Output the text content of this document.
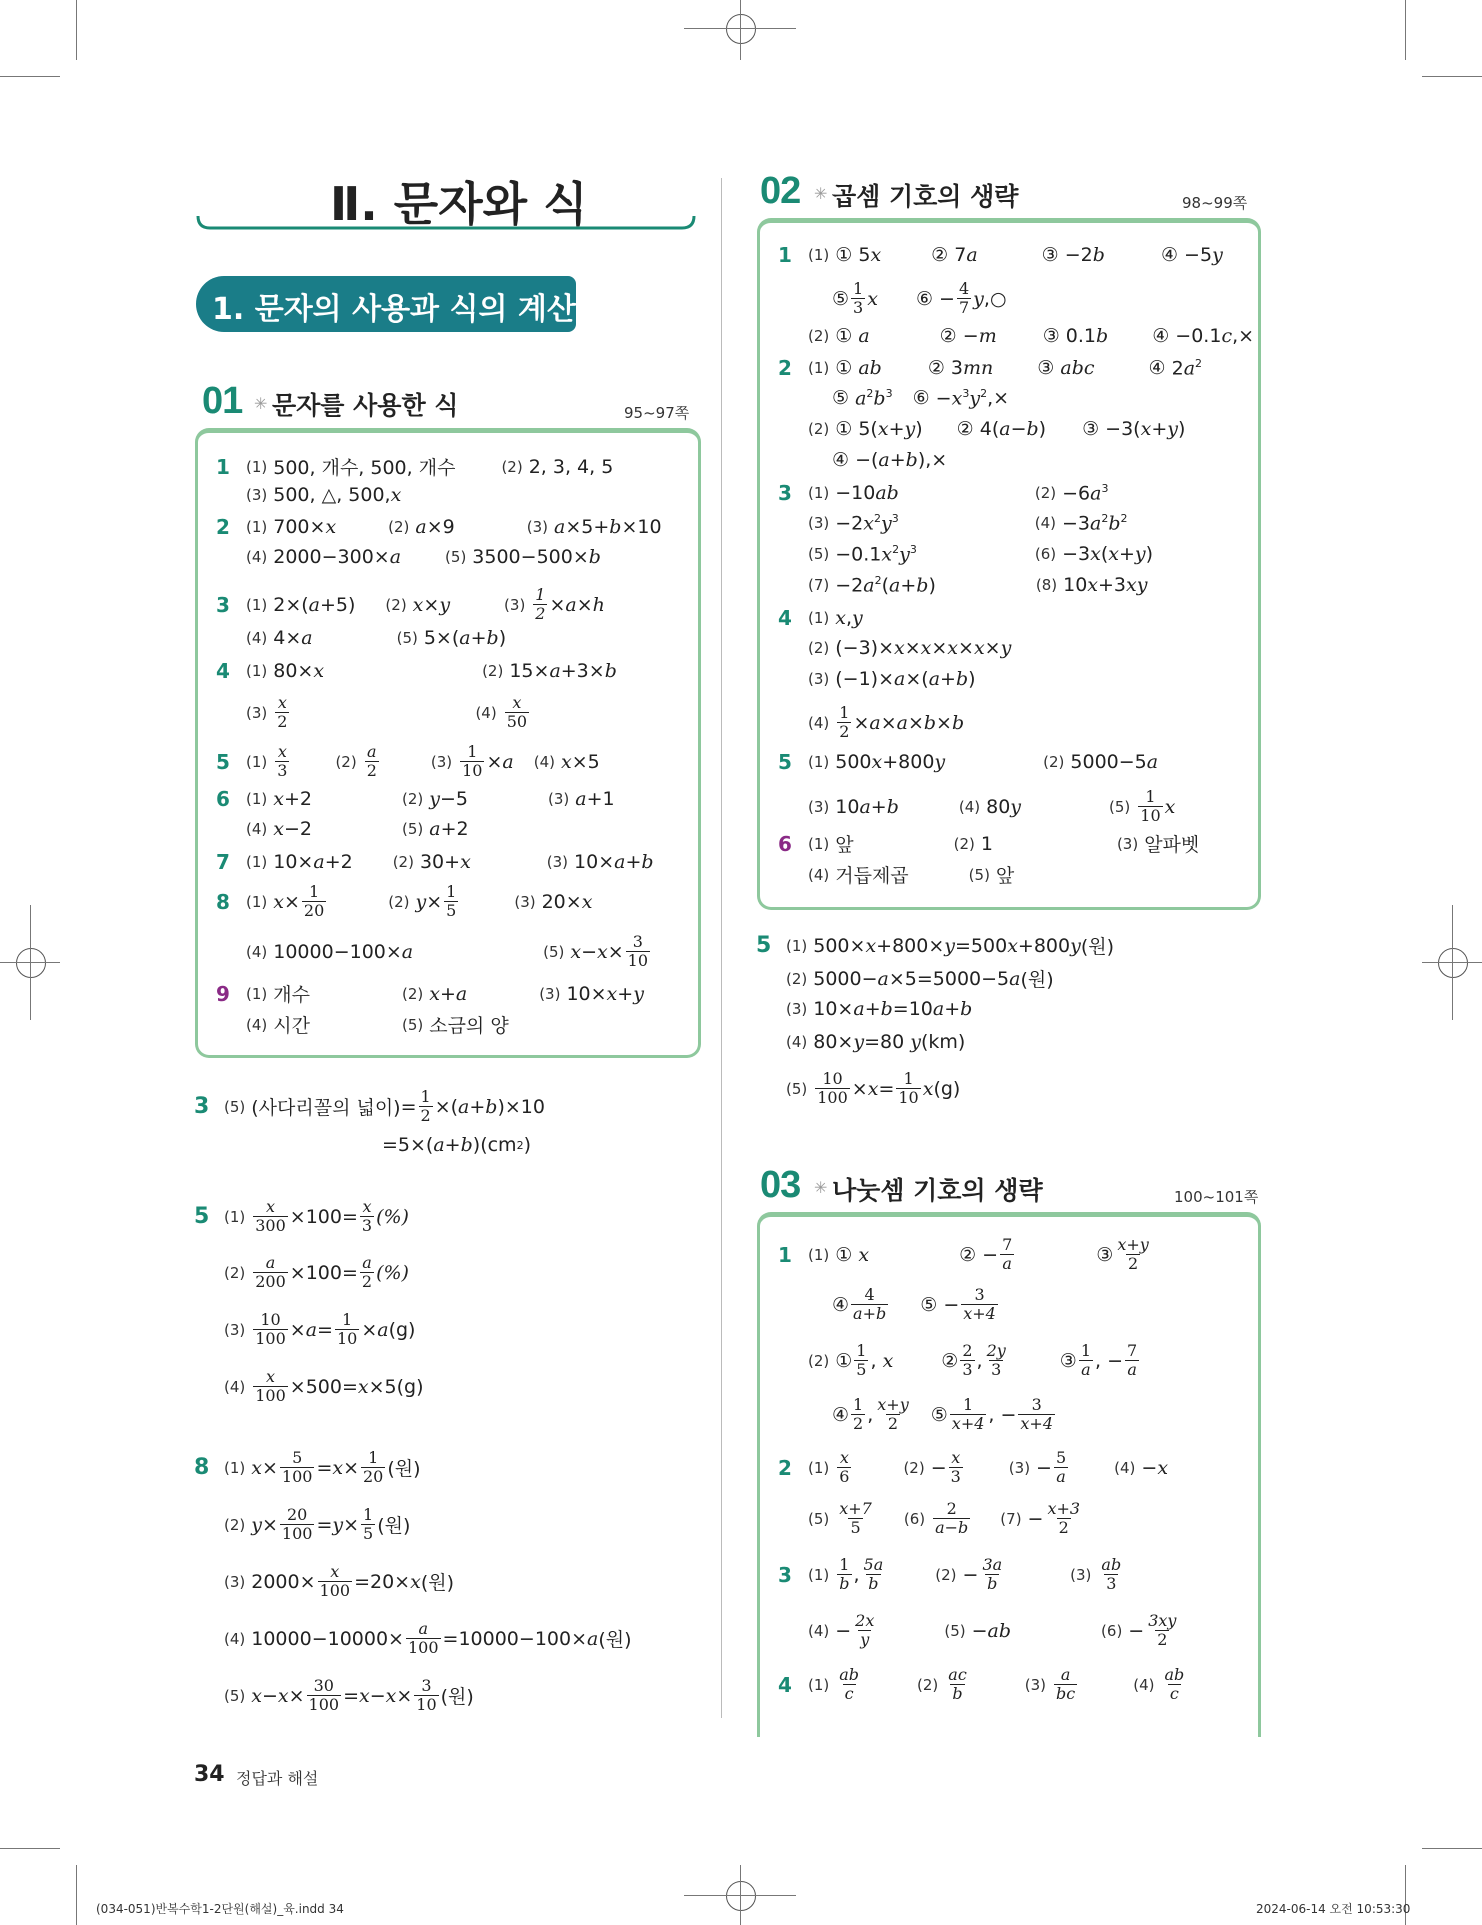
Ⅱ. 문자와 식
1. 문자의 사용과 식의 계산
01 ✳ 문자를 사용한 식	95~97쪽
1	(1) 500, 개수, 500, 개수	(2) 2, 3, 4, 5
(3) 500, △, 500, x
2	(1) 700×x	(2) a×9	(3) a×5+b×10
(4) 2000−300×a	(5) 3500−500×b
3	(1) 2×(a+5) (2) x×y	$(3) \frac{1}{2} \times a\times h$
(4) 4×a	(5) 5×(a+b)
4	(1) 80×x	(2) 15×a+3×b
$(3) \frac{x}{2}$	$(4) \frac{x}{50}$
5	$(1) \frac{x}{3}$	$(2) \frac{a}{2}$	$(3) \frac{1}{10} \times a$ (4) x×5
6	(1) x+2	(2) y−5	(3) a+1
(4) x−2	(5) a+2
7	(1) 10×a+2	(2) 30+x	(3) 10×a+b
8	(1) $x \times \frac{1}{20}$	(2) $y \times \frac{1}{5}$	(3) 20×x
(4) 10000−100×a	(5) $x - x \times \frac{3}{10}$
9	(1) 개수	(2) x+a	(3) 10×x+y
(4) 시간	(5) 소금의 양
3 (5) (사다리꼴의 넓이) = $\frac{1}{2} \times(a+b)\times 10$
=5×(a+b) (cm 2 )
5 $(1) \frac{x}{300} \times 100= \frac{x}{3}$ (%)
$(2) \frac{a}{200} \times 100= \frac{a}{2}$ (%)
$(3) \frac{10}{100} \times a= \frac{1}{10} \times a$ (g)
$(4) \frac{x}{100} \times 500=x\times 5$ (g)
8 (1) $x \times \frac{5}{100} =x\times \frac{1}{20}$ (원)
(2) $y \times \frac{20}{100} =y\times \frac{1}{5}$ (원)
(3) $2000\times \frac{x}{100} =20\times x$ (원)
(4) $10000-10000\times \frac{a}{100} =10000-100\times a$ (원)
(5) $x - x \times \frac{30}{100} =x-x\times \frac{3}{10}$ (원)
02 ✳ 곱셈 기호의 생략	98~99쪽
1	(1) ① 5x	② 7a	③ −2b	④ −5y
⑤ $\frac{1}{3}$ x ⑥ − $\frac{4}{7}$ y , ○
(2) ① a	② −m ③ 0.1b ④ −0.1c, ×
2	(1) ① ab ② 3mn ③ abc	④ $2a^2$
⑤ $a^2b^3$ ⑥ $-x^3y^2$, ×
(2) ① 5(x+y) ② 4(a−b) ③ −3(x+y)
④ −(a+b), ×
3	(1) −10ab	$(2) -6a^3$
$(3) -2x^2y^3$	$(4) -3a^2b^2$
$(5) -0.1x^2y^3$	(6) −3x(x+y)
$(7) -2a^2(a+b)$	(8) 10x+3xy
4	(1) x , y
(2) (−3)×x×x×x×x×y
(3) (−1)×a×(a+b)
$(4) \frac{1}{2} \times a\times a\times b\times b$
5	(1) 500x+800y	(2) 5000−5a
(3) 10a+b	(4) 80y	$(5) \frac{1}{10}$ x
6	(1) 앞	(2) 1	(3) 알파벳
(4) 거듭제곱	(5) 앞
5 (1) 500×x+800×y=500x+800y (원)
(2) 5000−a×5=5000−5a (원)
(3) 10×a+b=10a+b
(4) 80×y=80 y (km)
$(5) \frac{10}{100} \times x= \frac{1}{10}$ x (g)
03 ✳ 나눗셈 기호의 생략	100~101쪽
1	(1) ① x	② − $\frac{7}{a}$	③ $\frac{x+y}{2}$
④ $\frac{4}{a+b}$ ⑤ − $\frac{3}{x+4}$
(2) ① $\frac{1}{5}$ , x	② $\frac{2}{3}$ , $\frac{2y}{3}$	③ $\frac{1}{a}$ , − $\frac{7}{a}$
④ $\frac{1}{2}$ , $\frac{x+y}{2}$ ⑤ $\frac{1}{x+4}$ , − $\frac{3}{x+4}$
2	$(1) \frac{x}{6}$	$(2) - \frac{x}{3}$	$(3) - \frac{5}{a}$	(4) −x
$(5) \frac{x+7}{5} (6) \frac{2}{a-b} (7) - \frac{x+3}{2}$
3	$(1) \frac{1}{b}$ , $\frac{5a}{b}$	$(2) - \frac{3a}{b}$	$(3) \frac{ab}{3}$
$(4) - \frac{2x}{y}$	(5) −ab	$(6) - \frac{3xy}{2}$
4	$(1) \frac{ab}{c}$	$(2) \frac{ac}{b}$	$(3) \frac{a}{bc}$	$(4) \frac{ab}{c}$
34 정답과 해설
(034-051)반복수학1-2단원(해설)_육.indd 34	2024-06-14 오전 10:53:30
